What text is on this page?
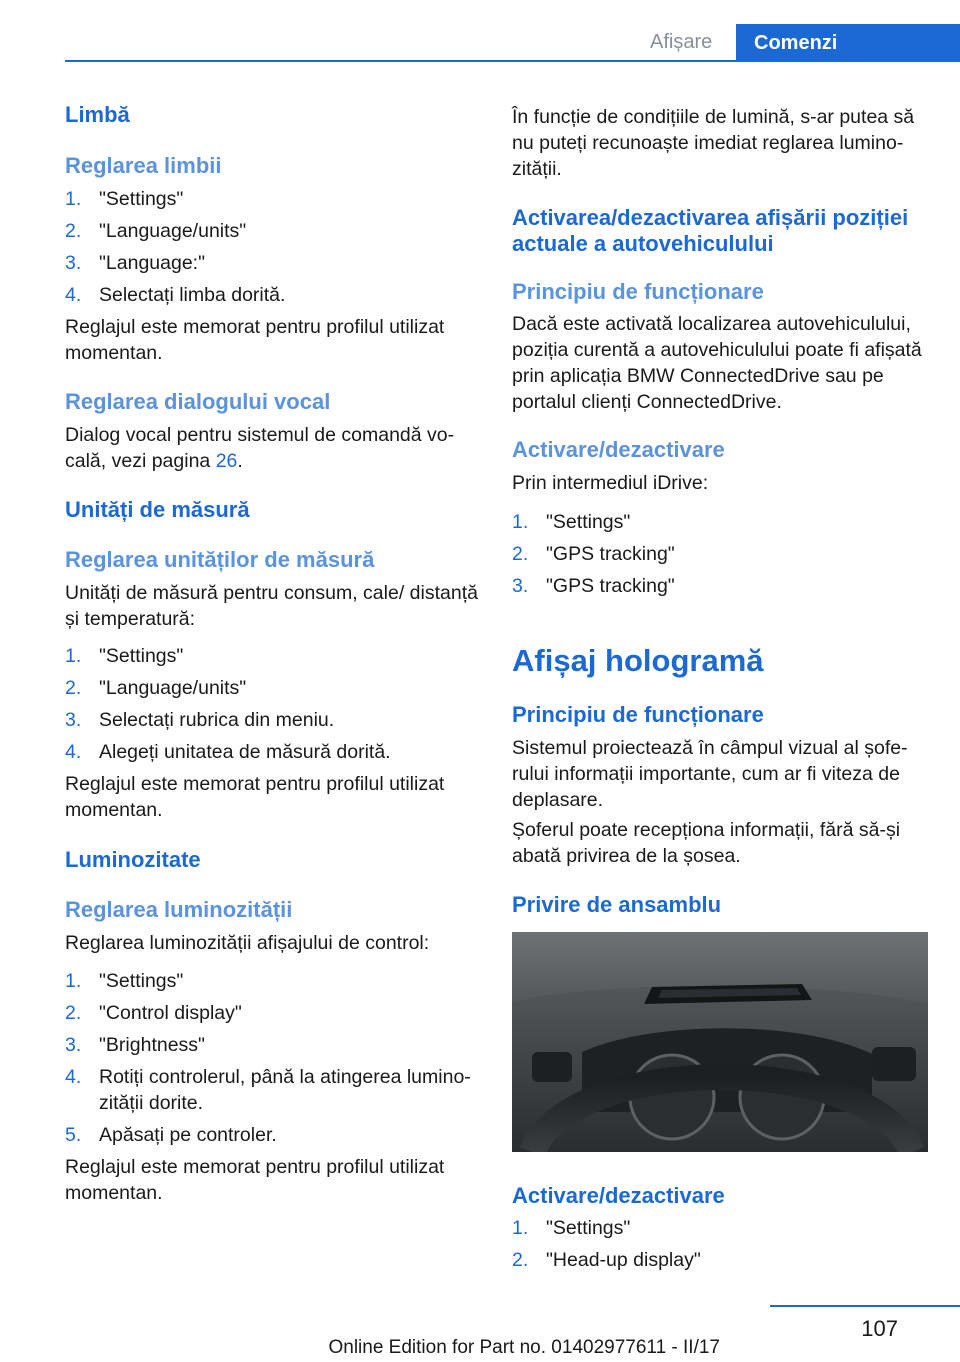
Afișare	Comenzi
Limbă
Reglarea limbii
1. "Settings"
2. "Language/units"
3. "Language:"
4. Selectați limba dorită.
Reglajul este memorat pentru profilul utilizat momentan.
Reglarea dialogului vocal
Dialog vocal pentru sistemul de comandă vocală, vezi pagina 26.
Unități de măsură
Reglarea unităților de măsură
Unități de măsură pentru consum, cale/ distanță și temperatură:
1. "Settings"
2. "Language/units"
3. Selectați rubrica din meniu.
4. Alegeți unitatea de măsură dorită.
Reglajul este memorat pentru profilul utilizat momentan.
Luminozitate
Reglarea luminozității
Reglarea luminozității afișajului de control:
1. "Settings"
2. "Control display"
3. "Brightness"
4. Rotiți controlerul, până la atingerea luminozității dorite.
5. Apăsați pe controler.
Reglajul este memorat pentru profilul utilizat momentan.
În funcție de condițiile de lumină, s-ar putea să nu puteți recunoaște imediat reglarea luminozității.
Activarea/dezactivarea afișării poziției actuale a autovehiculului
Principiu de funcționare
Dacă este activată localizarea autovehiculului, poziția curentă a autovehiculului poate fi afișată prin aplicația BMW ConnectedDrive sau pe portalul clienți ConnectedDrive.
Activare/dezactivare
Prin intermediul iDrive:
1. "Settings"
2. "GPS tracking"
3. "GPS tracking"
Afișaj hologramă
Principiu de funcționare
Sistemul proiectează în câmpul vizual al șoferului informații importante, cum ar fi viteza de deplasare.
Șoferul poate recepționa informații, fără să-și abată privirea de la șosea.
Privire de ansamblu
Activare/dezactivare
1. "Settings"
2. "Head-up display"
107
Online Edition for Part no. 01402977611 - II/17
